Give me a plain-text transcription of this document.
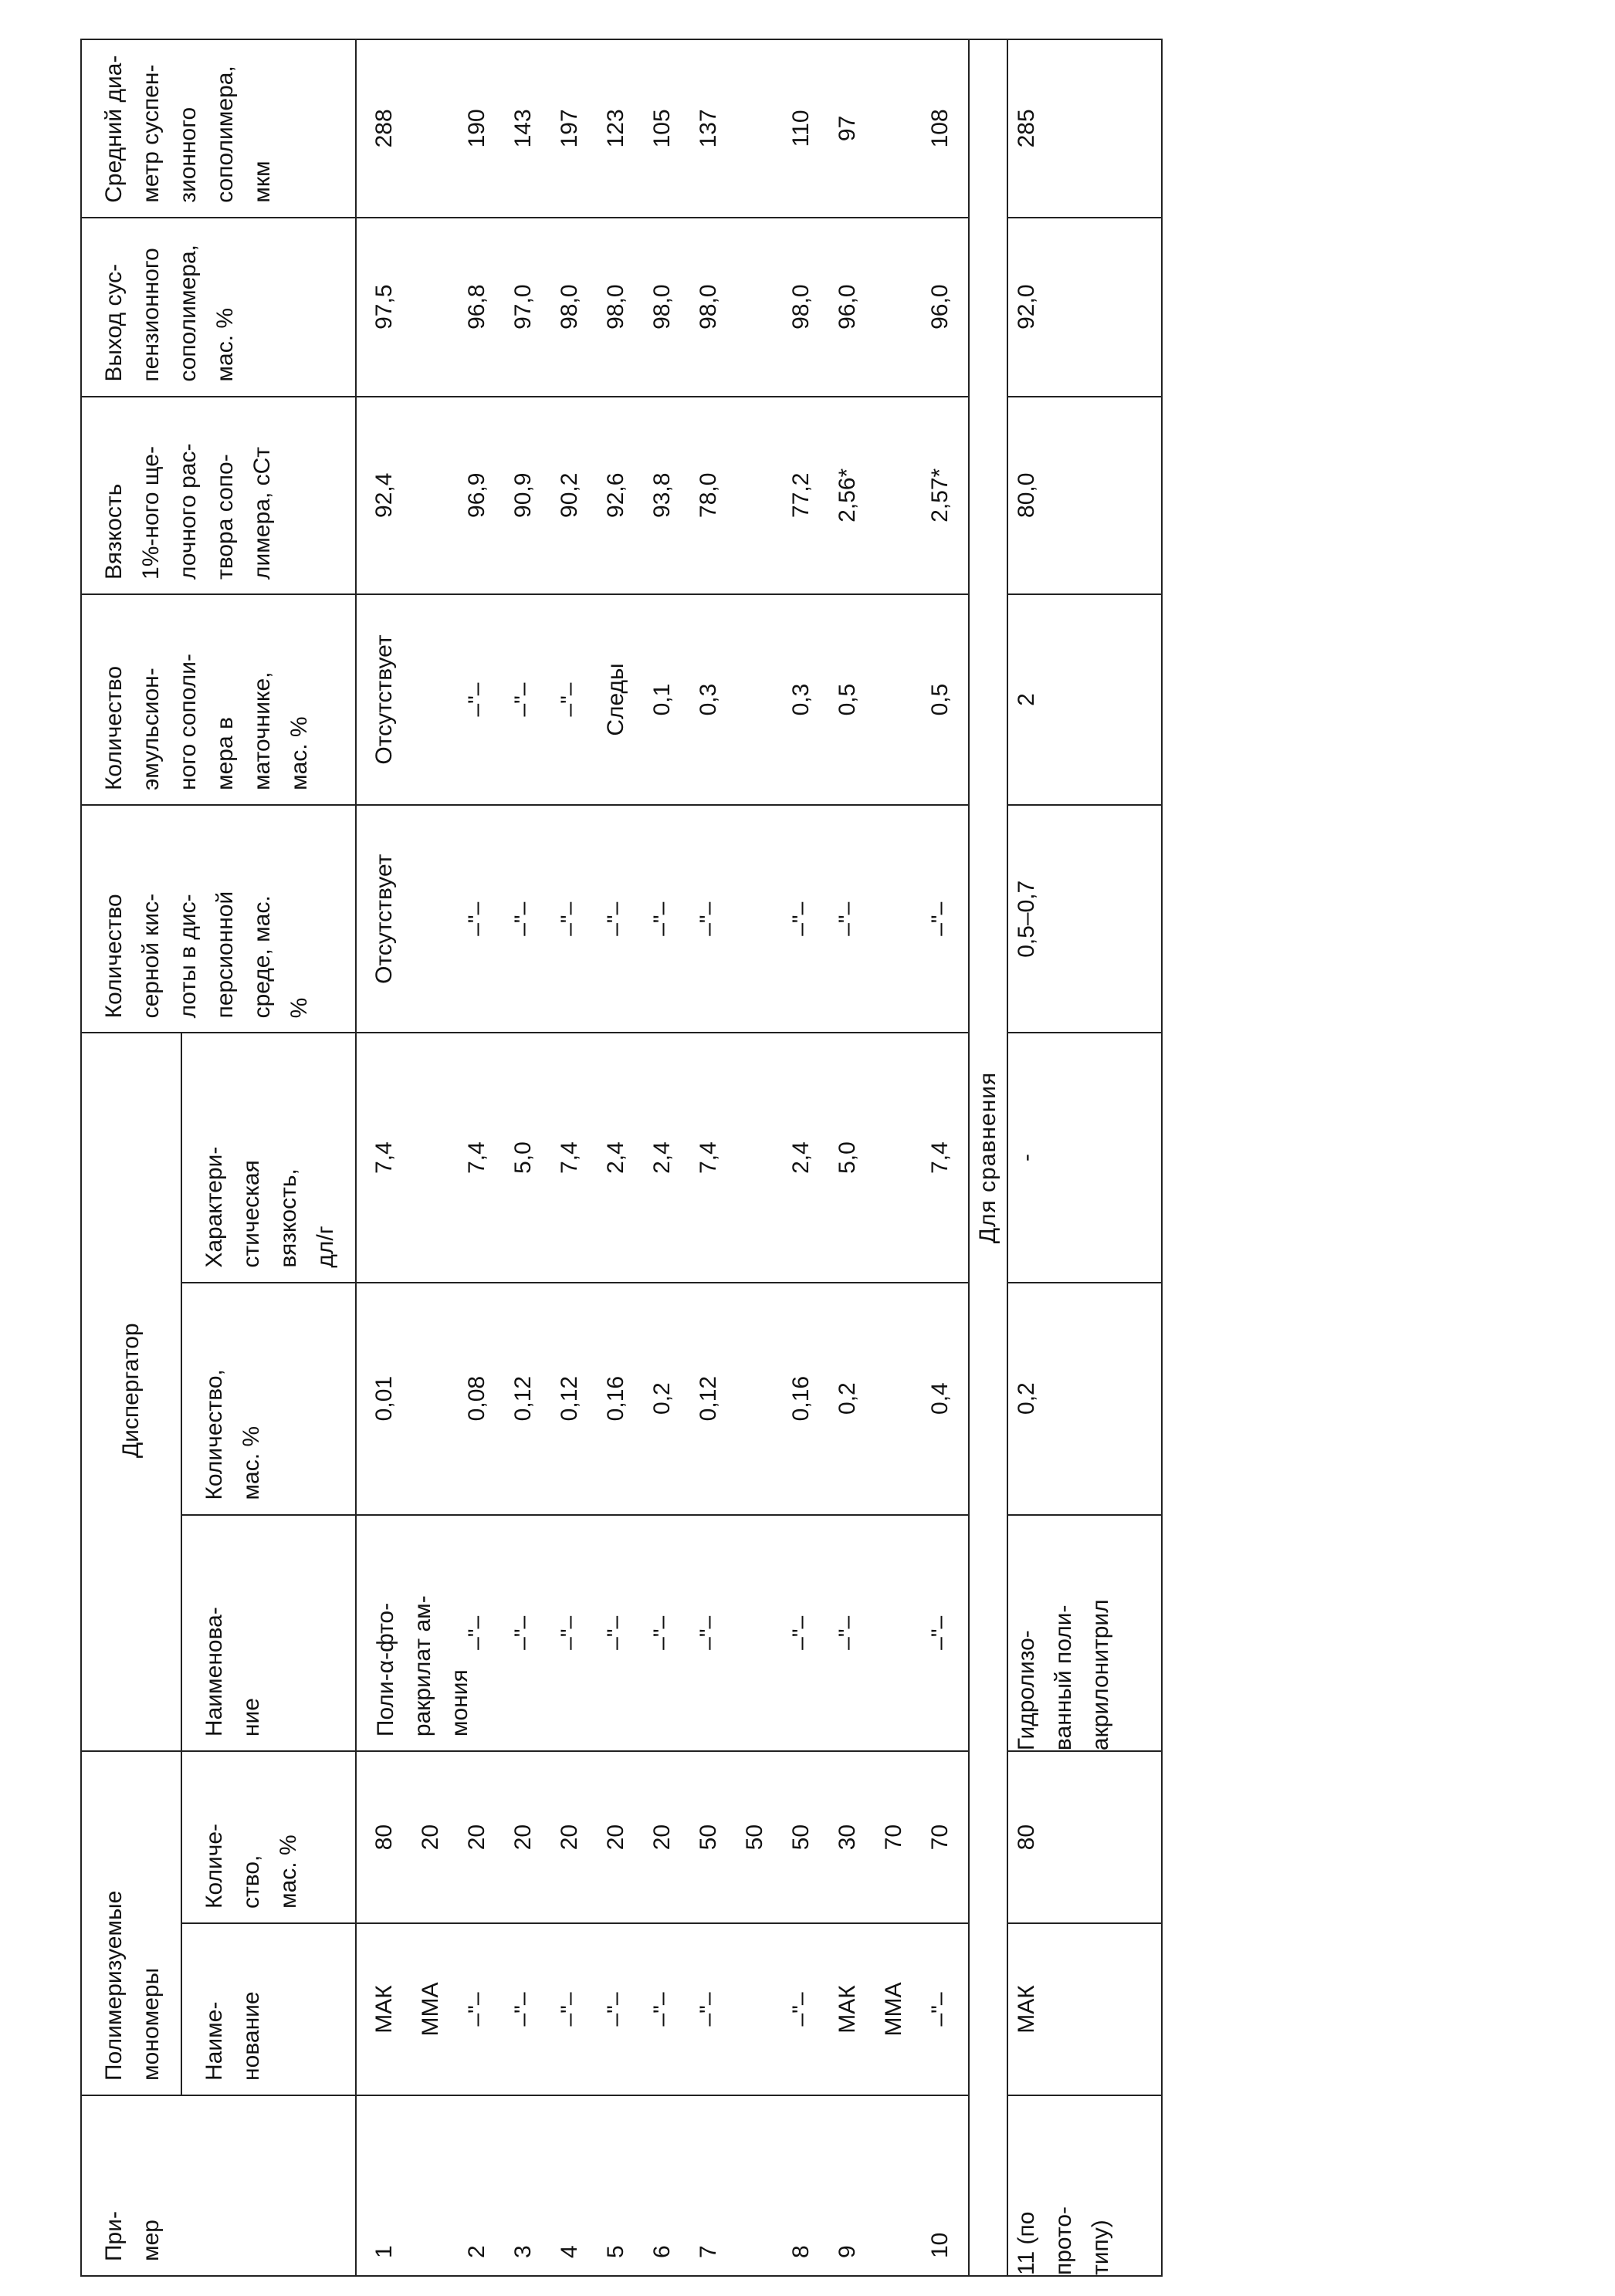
При-
мер	Полимеризуемые
мономеры	Диспергатор	Количество
серной кис-
лоты в дис-
персионной
среде, мас.
%	Количество
эмульсион-
ного сополи-
мера в
маточнике,
мас. %	Вязкость
1%-ного ще-
лочного рас-
твора сопо-
лимера, сСт	Выход сус-
пензионного
сополимера,
мас. %	Средний диа-
метр суспен-
зионного
сополимера,
мкм
Наиме-
нование	Количе-
ство,
мас. %	Наименова-
ние	Количество,
мас. %	Характери-
стическая
вязкость,
дл/г

1	2 3 4 5 6 7	8 9	10

МАК ММА –"– –"– –"– –"– –"– –"–	–"– МАК ММА –"–

80 20 20 20 20 20 20 50 50 50 30 70 70

Поли-α-фто-
ракрилат ам-
мония
–"– –"– –"– –"– –"– –"–	–"– –"–	–"–

0,01	0,08 0,12 0,12 0,16 0,2 0,12	0,16 0,2	0,4

7,4	7,4 5,0 7,4 2,4 2,4 7,4	2,4 5,0	7,4

Отсутствует	–"– –"– –"– –"– –"– –"–	–"– –"–	–"–

Отсутствует	–"– –"– –"– Следы 0,1 0,3	0,3 0,5	0,5

92,4	96,9 90,9 90,2 92,6 93,8 78,0	77,2 2,56*	2,57*

97,5	96,8 97,0 98,0 98,0 98,0 98,0	98,0 96,0	96,0

288	190 143 197 123 105 137	110 97	108

Для сравнения
11 (по
прото-
типу)	МАК	80	Гидролизо-
ванный поли-
акрилонитрил	0,2	-	0,5–0,7	2	80,0	92,0	285
